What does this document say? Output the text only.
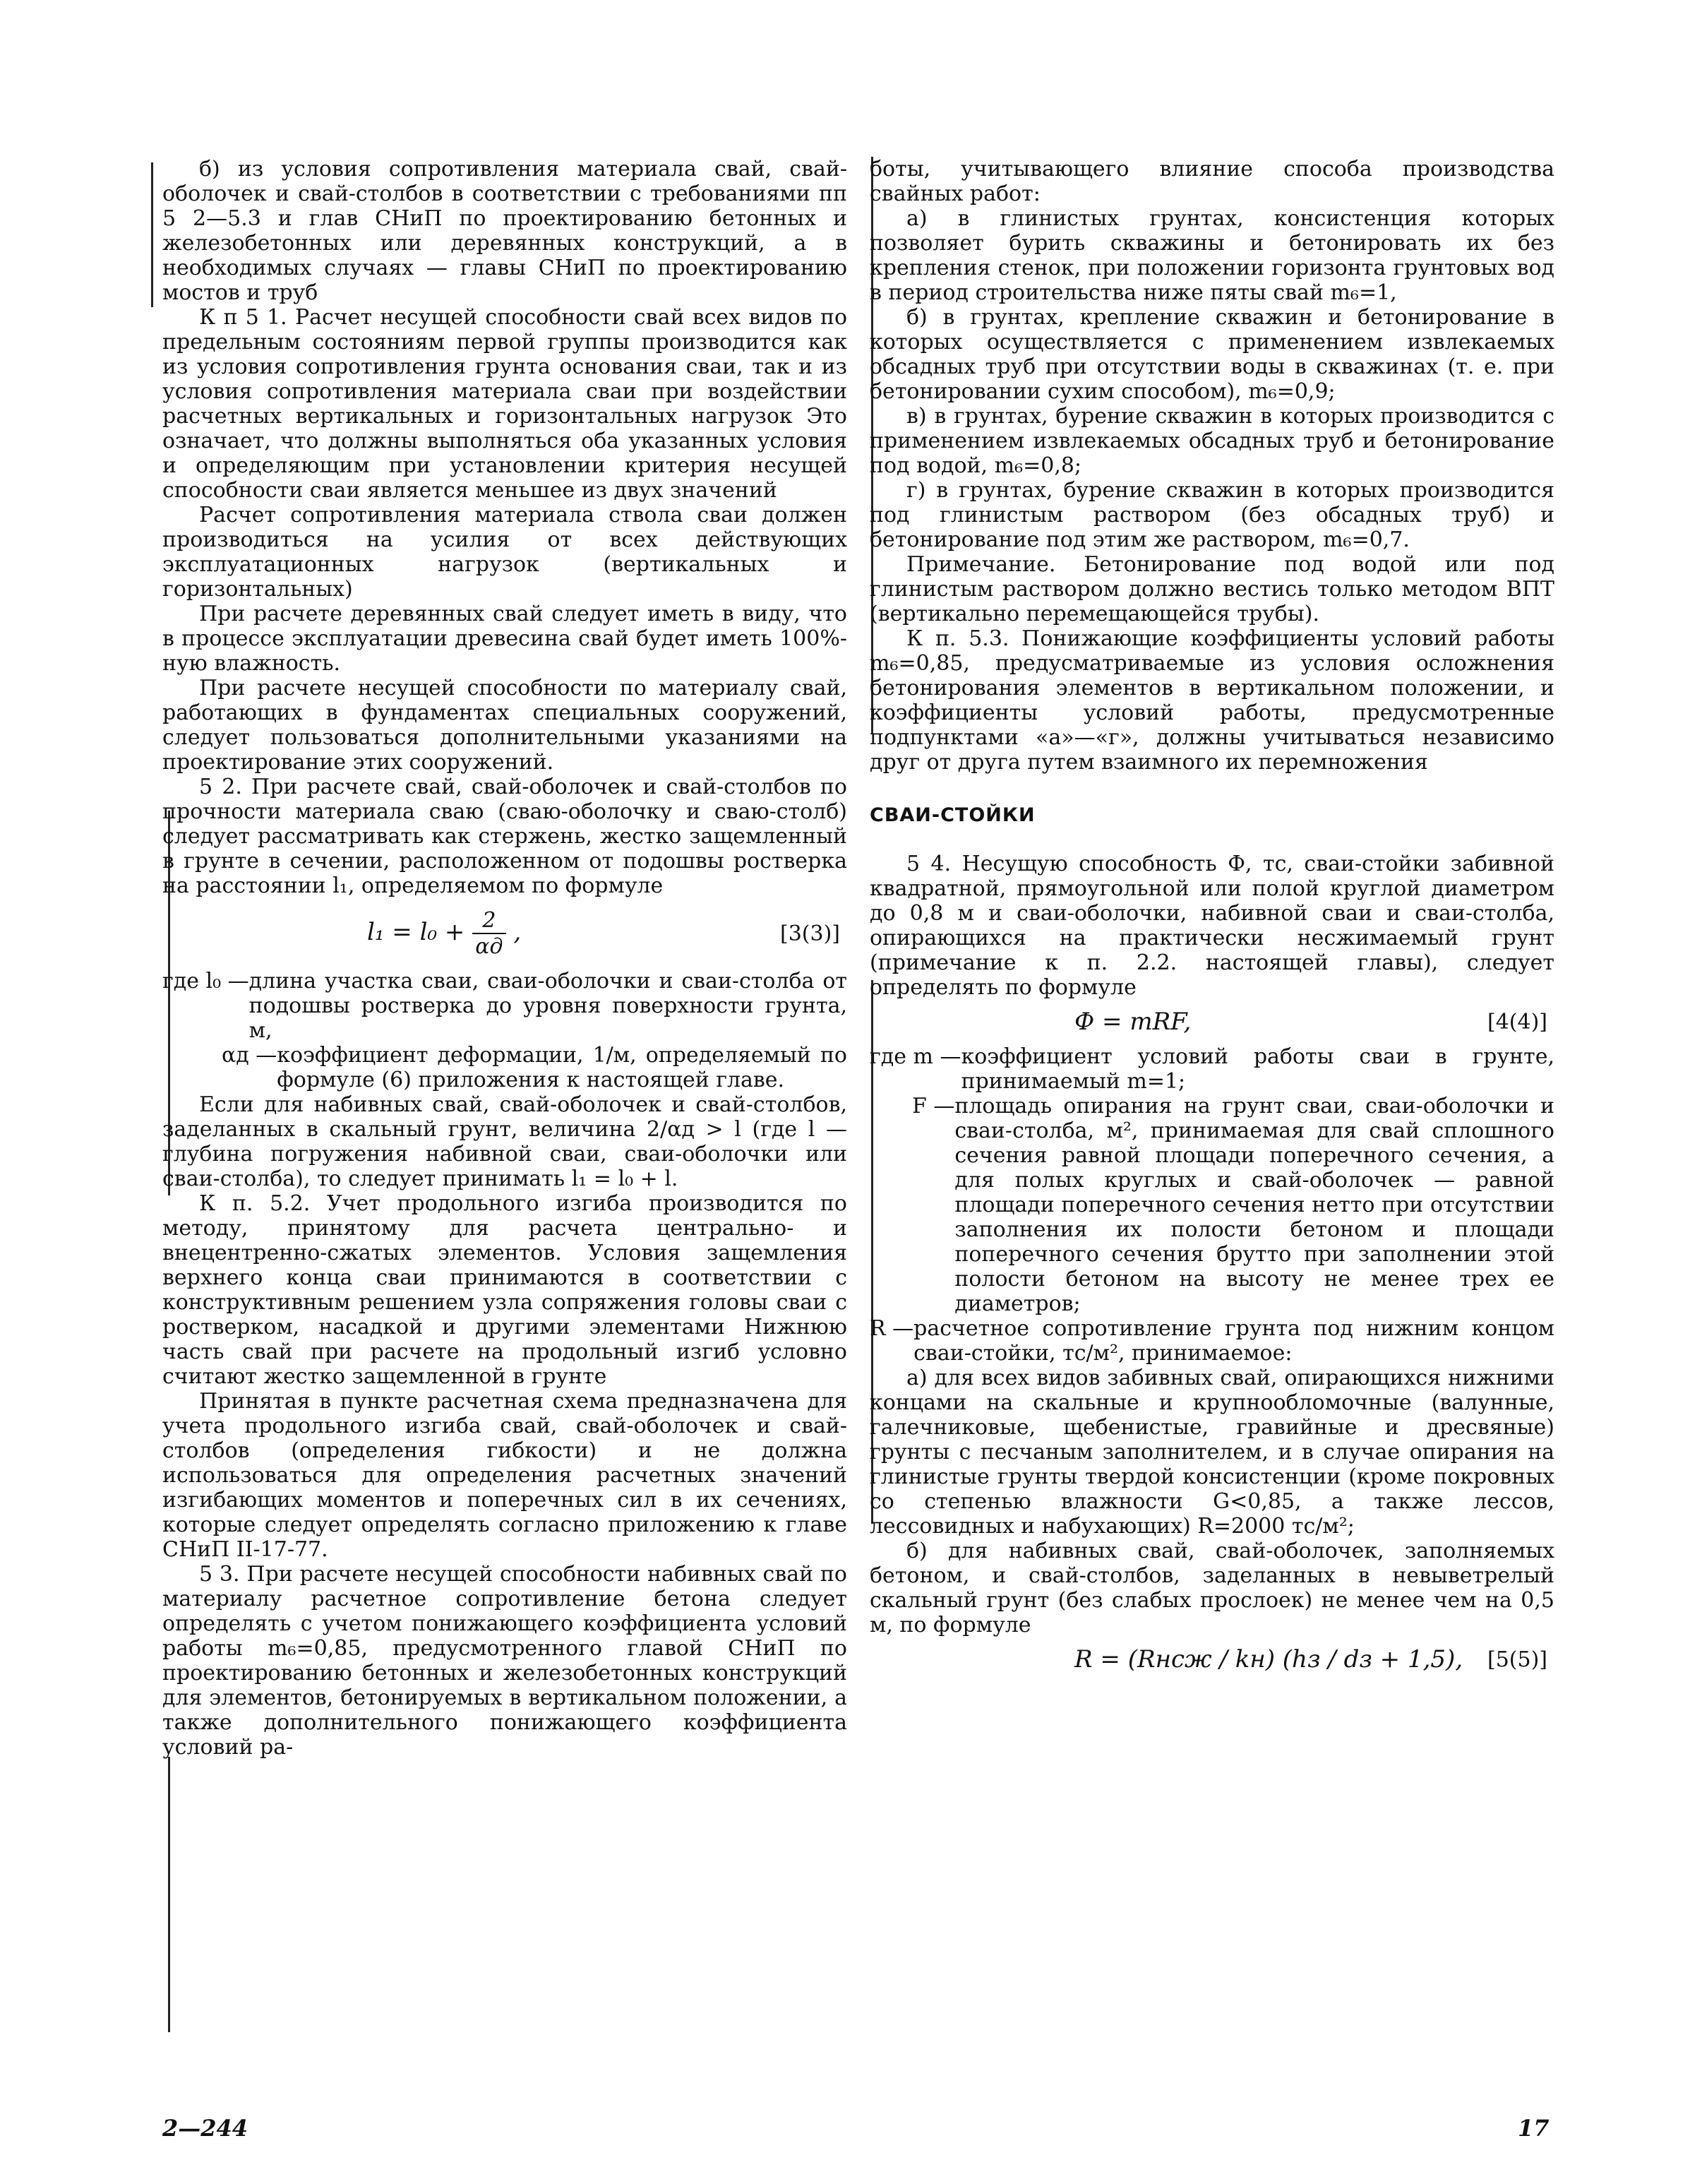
б) из условия сопротивления материала свай, свай-оболочек и свай-столбов в соответствии с требованиями пп 5 2—5.3 и глав СНиП по проектированию бетонных и железобетонных или деревянных конструкций, а в необходимых случаях — главы СНиП по проектированию мостов и труб

К п 5 1. Расчет несущей способности свай всех видов по предельным состояниям первой группы производится как из условия сопротивления грунта основания сваи, так и из условия сопротивления материала сваи при воздействии расчетных вертикальных и горизонтальных нагрузок Это означает, что должны выполняться оба указанных условия и определяющим при установлении критерия несущей способности сваи является меньшее из двух значений

Расчет сопротивления материала ствола сваи должен производиться на усилия от всех действующих эксплуатационных нагрузок (вертикальных и горизонтальных)

При расчете деревянных свай следует иметь в виду, что в процессе эксплуатации древесина свай будет иметь 100%-ную влажность.

При расчете несущей способности по материалу свай, работающих в фундаментах специальных сооружений, следует пользоваться дополнительными указаниями на проектирование этих сооружений.

5 2. При расчете свай, свай-оболочек и свай-столбов по прочности материала сваю (сваю-оболочку и сваю-столб) следует рассматривать как стержень, жестко защемленный в грунте в сечении, расположенном от подошвы ростверка на расстоянии l₁, определяемом по формуле

$l_1 = l_0 + \frac{2}{\alpha д}$ ,	[3(3)]
где l₀ — длина участка сваи, сваи-оболочки и сваи-столба от подошвы ростверка до уровня поверхности грунта, м,
αд — коэффициент деформации, 1/м, определяемый по формуле (6) приложения к настоящей главе.

Если для набивных свай, свай-оболочек и свай-столбов, заделанных в скальный грунт, величина 2/αд > l (где l — глубина погружения набивной сваи, сваи-оболочки или сваи-столба), то следует принимать l₁ = l₀ + l.

К п. 5.2. Учет продольного изгиба производится по методу, принятому для расчета центрально- и внецентренно-сжатых элементов. Условия защемления верхнего конца сваи принимаются в соответствии с конструктивным решением узла сопряжения головы сваи с ростверком, насадкой и другими элементами Нижнюю часть свай при расчете на продольный изгиб условно считают жестко защемленной в грунте

Принятая в пункте расчетная схема предназначена для учета продольного изгиба свай, свай-оболочек и свай-столбов (определения гибкости) и не должна использоваться для определения расчетных значений изгибающих моментов и поперечных сил в их сечениях, которые следует определять согласно приложению к главе СНиП II-17-77.

5 3. При расчете несущей способности набивных свай по материалу расчетное сопротивление бетона следует определять с учетом понижающего коэффициента условий работы m₆=0,85, предусмотренного главой СНиП по проектированию бетонных и железобетонных конструкций для элементов, бетонируемых в вертикальном положении, а также дополнительного понижающего коэффициента условий ра-

боты, учитывающего влияние способа производства свайных работ:

а) в глинистых грунтах, консистенция которых позволяет бурить скважины и бетонировать их без крепления стенок, при положении горизонта грунтовых вод в период строительства ниже пяты свай m₆=1,

б) в грунтах, крепление скважин и бетонирование в которых осуществляется с применением извлекаемых обсадных труб при отсутствии воды в скважинах (т. е. при бетонировании сухим способом), m₆=0,9;

в) в грунтах, бурение скважин в которых производится с применением извлекаемых обсадных труб и бетонирование под водой, m₆=0,8;

г) в грунтах, бурение скважин в которых производится под глинистым раствором (без обсадных труб) и бетонирование под этим же раствором, m₆=0,7.

Примечание. Бетонирование под водой или под глинистым раствором должно вестись только методом ВПТ (вертикально перемещающейся трубы).

К п. 5.3. Понижающие коэффициенты условий работы m₆=0,85, предусматриваемые из условия осложнения бетонирования элементов в вертикальном положении, и коэффициенты условий работы, предусмотренные подпунктами «а»—«г», должны учитываться независимо друг от друга путем взаимного их перемножения

СВАИ-СТОЙКИ

5 4. Несущую способность Ф, тс, сваи-стойки забивной квадратной, прямоугольной или полой круглой диаметром до 0,8 м и сваи-оболочки, набивной сваи и сваи-столба, опирающихся на практически несжимаемый грунт (примечание к п. 2.2. настоящей главы), следует определять по формуле

Ф = mRF,	[4(4)]
где m — коэффициент условий работы сваи в грунте, принимаемый m=1;
F — площадь опирания на грунт сваи, сваи-оболочки и сваи-столба, м², принимаемая для свай сплошного сечения равной площади поперечного сечения, а для полых круглых и свай-оболочек — равной площади поперечного сечения нетто при отсутствии заполнения их полости бетоном и площади поперечного сечения брутто при заполнении этой полости бетоном на высоту не менее трех ее диаметров;
R — расчетное сопротивление грунта под нижним концом сваи-стойки, тс/м², принимаемое:

а) для всех видов забивных свай, опирающихся нижними концами на скальные и крупнообломочные (валунные, галечниковые, щебенистые, гравийные и дресвяные) грунты с песчаным заполнителем, и в случае опирания на глинистые грунты твердой консистенции (кроме покровных со степенью влажности G<0,85, а также лессов, лессовидных и набухающих) R=2000 тс/м²;

б) для набивных свай, свай-оболочек, заполняемых бетоном, и свай-столбов, заделанных в невыветрелый скальный грунт (без слабых прослоек) не менее чем на 0,5 м, по формуле

R = (Rнсж / kн) (hз / dз + 1,5), [5(5)]
2—244	17
